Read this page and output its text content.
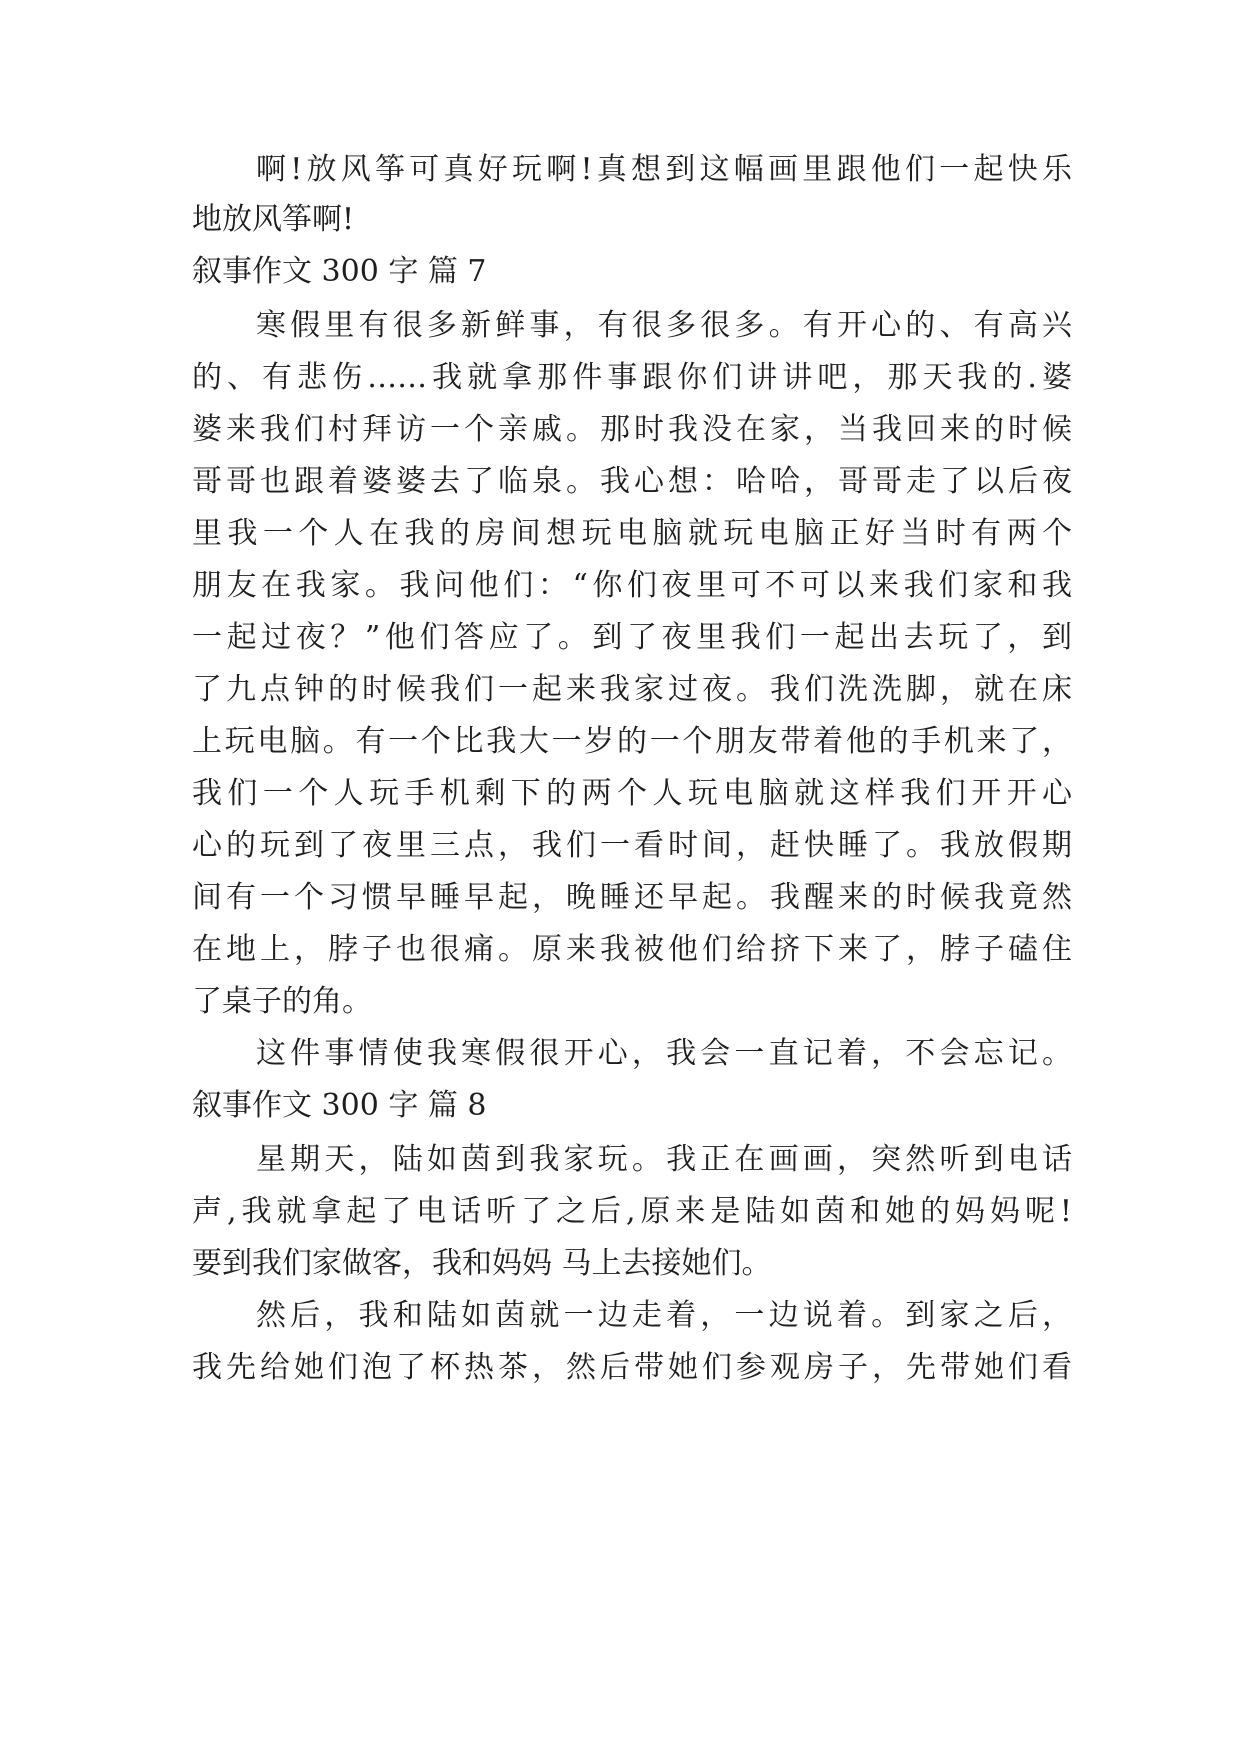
啊!放风筝可真好玩啊!真想到这幅画里跟他们一起快乐
地放风筝啊!
叙事作文 300 字 篇 7
寒假里有很多新鲜事，有很多很多。有开心的、有高兴
的、有悲伤……我就拿那件事跟你们讲讲吧，那天我的.婆
婆来我们村拜访一个亲戚。那时我没在家，当我回来的时候
哥哥也跟着婆婆去了临泉。我心想：哈哈，哥哥走了以后夜
里我一个人在我的房间想玩电脑就玩电脑正好当时有两个
朋友在我家。我问他们：“你们夜里可不可以来我们家和我
一起过夜？”他们答应了。到了夜里我们一起出去玩了，到
了九点钟的时候我们一起来我家过夜。我们洗洗脚，就在床
上玩电脑。有一个比我大一岁的一个朋友带着他的手机来了，
我们一个人玩手机剩下的两个人玩电脑就这样我们开开心
心的玩到了夜里三点，我们一看时间，赶快睡了。我放假期
间有一个习惯早睡早起，晚睡还早起。我醒来的时候我竟然
在地上，脖子也很痛。原来我被他们给挤下来了，脖子磕住
了桌子的角。
这件事情使我寒假很开心，我会一直记着，不会忘记。
叙事作文 300 字 篇 8
星期天，陆如茵到我家玩。我正在画画，突然听到电话
声,我就拿起了电话听了之后,原来是陆如茵和她的妈妈呢!
要到我们家做客，我和妈妈 马上去接她们。
然后，我和陆如茵就一边走着，一边说着。到家之后，
我先给她们泡了杯热茶，然后带她们参观房子，先带她们看
